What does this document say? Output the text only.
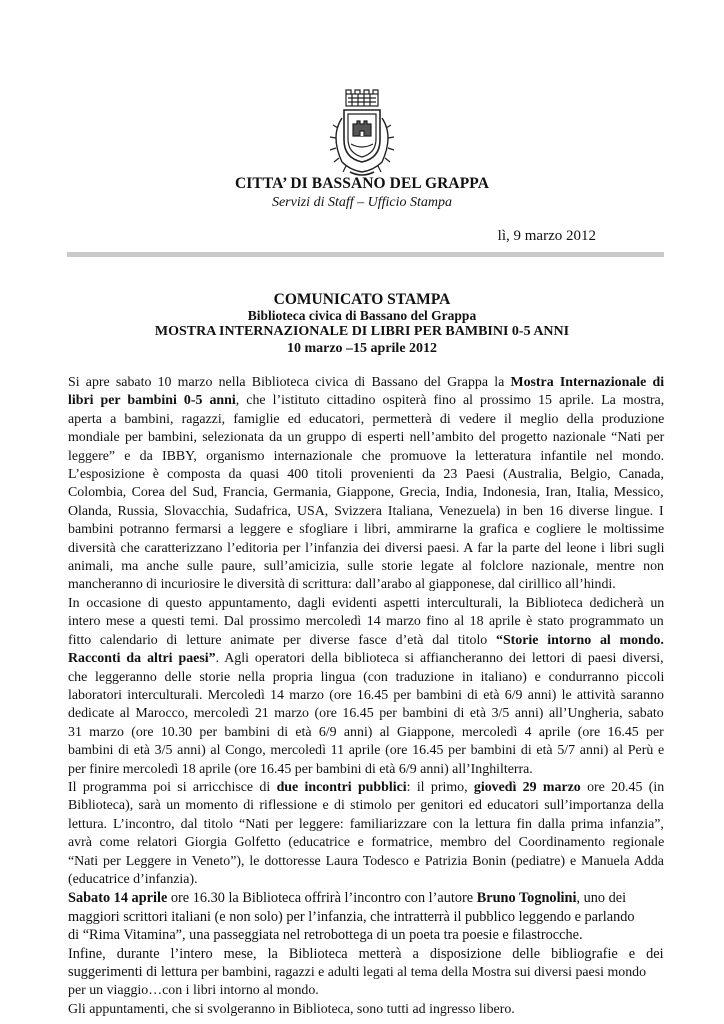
CITTA’ DI BASSANO DEL GRAPPA
Servizi di Staff – Ufficio Stampa
lì, 9 marzo 2012
COMUNICATO STAMPA
Biblioteca civica di Bassano del Grappa
MOSTRA INTERNAZIONALE DI LIBRI PER BAMBINI 0-5 ANNI
10 marzo –15 aprile 2012
Si apre sabato 10 marzo nella Biblioteca civica di Bassano del Grappa la Mostra Internazionale di
libri per bambini 0-5 anni, che l’istituto cittadino ospiterà fino al prossimo 15 aprile. La mostra,
aperta a bambini, ragazzi, famiglie ed educatori, permetterà di vedere il meglio della produzione
mondiale per bambini, selezionata da un gruppo di esperti nell’ambito del progetto nazionale “Nati per
leggere” e da IBBY, organismo internazionale che promuove la letteratura infantile nel mondo.
L’esposizione è composta da quasi 400 titoli provenienti da 23 Paesi (Australia, Belgio, Canada,
Colombia, Corea del Sud, Francia, Germania, Giappone, Grecia, India, Indonesia, Iran, Italia, Messico,
Olanda, Russia, Slovacchia, Sudafrica, USA, Svizzera Italiana, Venezuela) in ben 16 diverse lingue. I
bambini potranno fermarsi a leggere e sfogliare i libri, ammirarne la grafica e cogliere le moltissime
diversità che caratterizzano l’editoria per l’infanzia dei diversi paesi. A far la parte del leone i libri sugli
animali, ma anche sulle paure, sull’amicizia, sulle storie legate al folclore nazionale, mentre non
mancheranno di incuriosire le diversità di scrittura: dall’arabo al giapponese, dal cirillico all’hindi.
In occasione di questo appuntamento, dagli evidenti aspetti interculturali, la Biblioteca dedicherà un
intero mese a questi temi. Dal prossimo mercoledì 14 marzo fino al 18 aprile è stato programmato un
fitto calendario di letture animate per diverse fasce d’età dal titolo “Storie intorno al mondo.
Racconti da altri paesi”. Agli operatori della biblioteca si affiancheranno dei lettori di paesi diversi,
che leggeranno delle storie nella propria lingua (con traduzione in italiano) e condurranno piccoli
laboratori interculturali. Mercoledì 14 marzo (ore 16.45 per bambini di età 6/9 anni) le attività saranno
dedicate al Marocco, mercoledì 21 marzo (ore 16.45 per bambini di età 3/5 anni) all’Ungheria, sabato
31 marzo (ore 10.30 per bambini di età 6/9 anni) al Giappone, mercoledì 4 aprile (ore 16.45 per
bambini di età 3/5 anni) al Congo, mercoledì 11 aprile (ore 16.45 per bambini di età 5/7 anni) al Perù e
per finire mercoledì 18 aprile (ore 16.45 per bambini di età 6/9 anni) all’Inghilterra.
Il programma poi si arricchisce di due incontri pubblici: il primo, giovedì 29 marzo ore 20.45 (in
Biblioteca), sarà un momento di riflessione e di stimolo per genitori ed educatori sull’importanza della
lettura. L’incontro, dal titolo “Nati per leggere: familiarizzare con la lettura fin dalla prima infanzia”,
avrà come relatori Giorgia Golfetto (educatrice e formatrice, membro del Coordinamento regionale
“Nati per Leggere in Veneto”), le dottoresse Laura Todesco e Patrizia Bonin (pediatre) e Manuela Adda
(educatrice d’infanzia).
Sabato 14 aprile ore 16.30 la Biblioteca offrirà l’incontro con l’autore Bruno Tognolini, uno dei
maggiori scrittori italiani (e non solo) per l’infanzia, che intratterrà il pubblico leggendo e parlando
di “Rima Vitamina”, una passeggiata nel retrobottega di un poeta tra poesie e filastrocche.
Infine, durante l’intero mese, la Biblioteca metterà a disposizione delle bibliografie e dei
suggerimenti di lettura per bambini, ragazzi e adulti legati al tema della Mostra sui diversi paesi mondo
per un viaggio…con i libri intorno al mondo.
Gli appuntamenti, che si svolgeranno in Biblioteca, sono tutti ad ingresso libero.
